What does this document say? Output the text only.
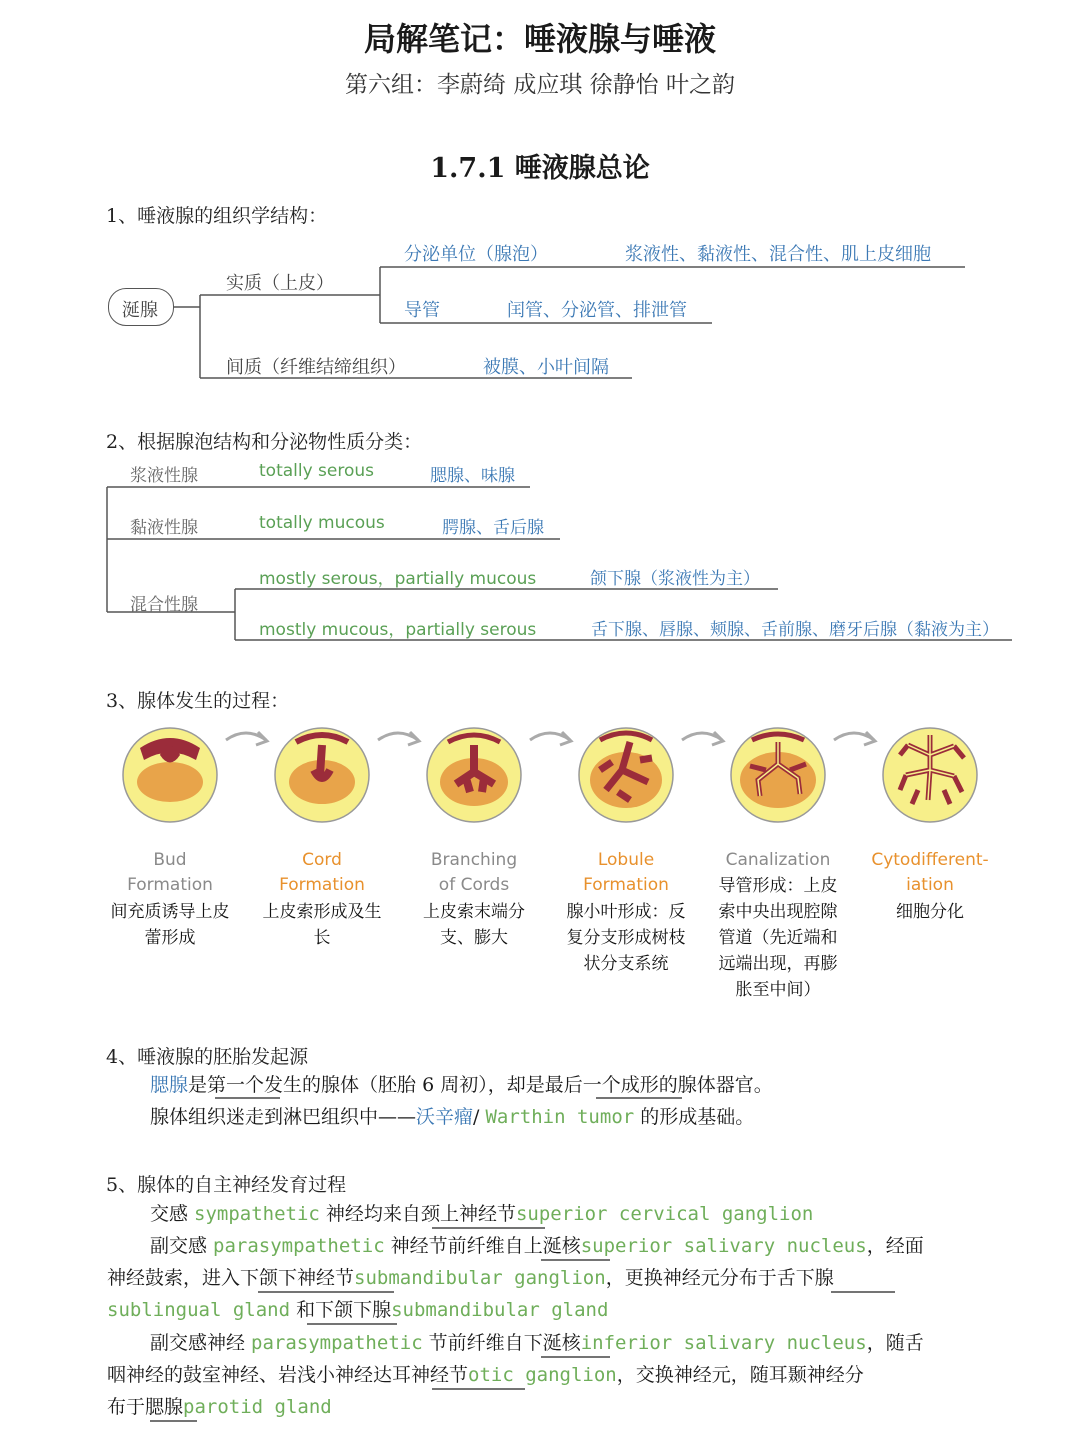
局解笔记：唾液腺与唾液
第六组：李蔚绮 成应琪 徐静怡 叶之韵
1.7.1 唾液腺总论
1、唾液腺的组织学结构：
涎腺
实质（上皮）
分泌单位（腺泡）	浆液性、黏液性、混合性、肌上皮细胞
导管	闰管、分泌管、排泄管
间质（纤维结缔组织）	被膜、小叶间隔
2、根据腺泡结构和分泌物性质分类：
浆液性腺	totally serous	腮腺、味腺
黏液性腺	totally mucous	腭腺、舌后腺
混合性腺
mostly serous，partially mucous	颌下腺（浆液性为主）
mostly mucous，partially serous	舌下腺、唇腺、颊腺、舌前腺、磨牙后腺（黏液为主）
3、腺体发生的过程：
Bud
Formation
间充质诱导上皮蕾形成
Cord
Formation
上皮索形成及生长
Branching
of Cords
上皮索末端分支、膨大
Lobule
Formation
腺小叶形成：反复分支形成树枝状分支系统
Canalization

导管形成：上皮索中央出现腔隙管道（先近端和远端出现，再膨胀至中间）
Cytodifferent-
iation
细胞分化
4、唾液腺的胚胎发起源
腮腺是第一个发生的腺体（胚胎 6 周初），却是最后一个成形的腺体器官。
腺体组织迷走到淋巴组织中——沃辛瘤/ Warthin tumor 的形成基础。
5、腺体的自主神经发育过程
交感 sympathetic 神经均来自颈上神经节superior cervical ganglion
副交感 parasympathetic 神经节前纤维自上涎核superior salivary nucleus，经面
神经鼓索，进入下颌下神经节submandibular ganglion，更换神经元分布于舌下腺
sublingual gland 和下颌下腺submandibular gland
副交感神经 parasympathetic 节前纤维自下涎核inferior salivary nucleus，随舌
咽神经的鼓室神经、岩浅小神经达耳神经节otic ganglion，交换神经元，随耳颞神经分
布于腮腺parotid gland
